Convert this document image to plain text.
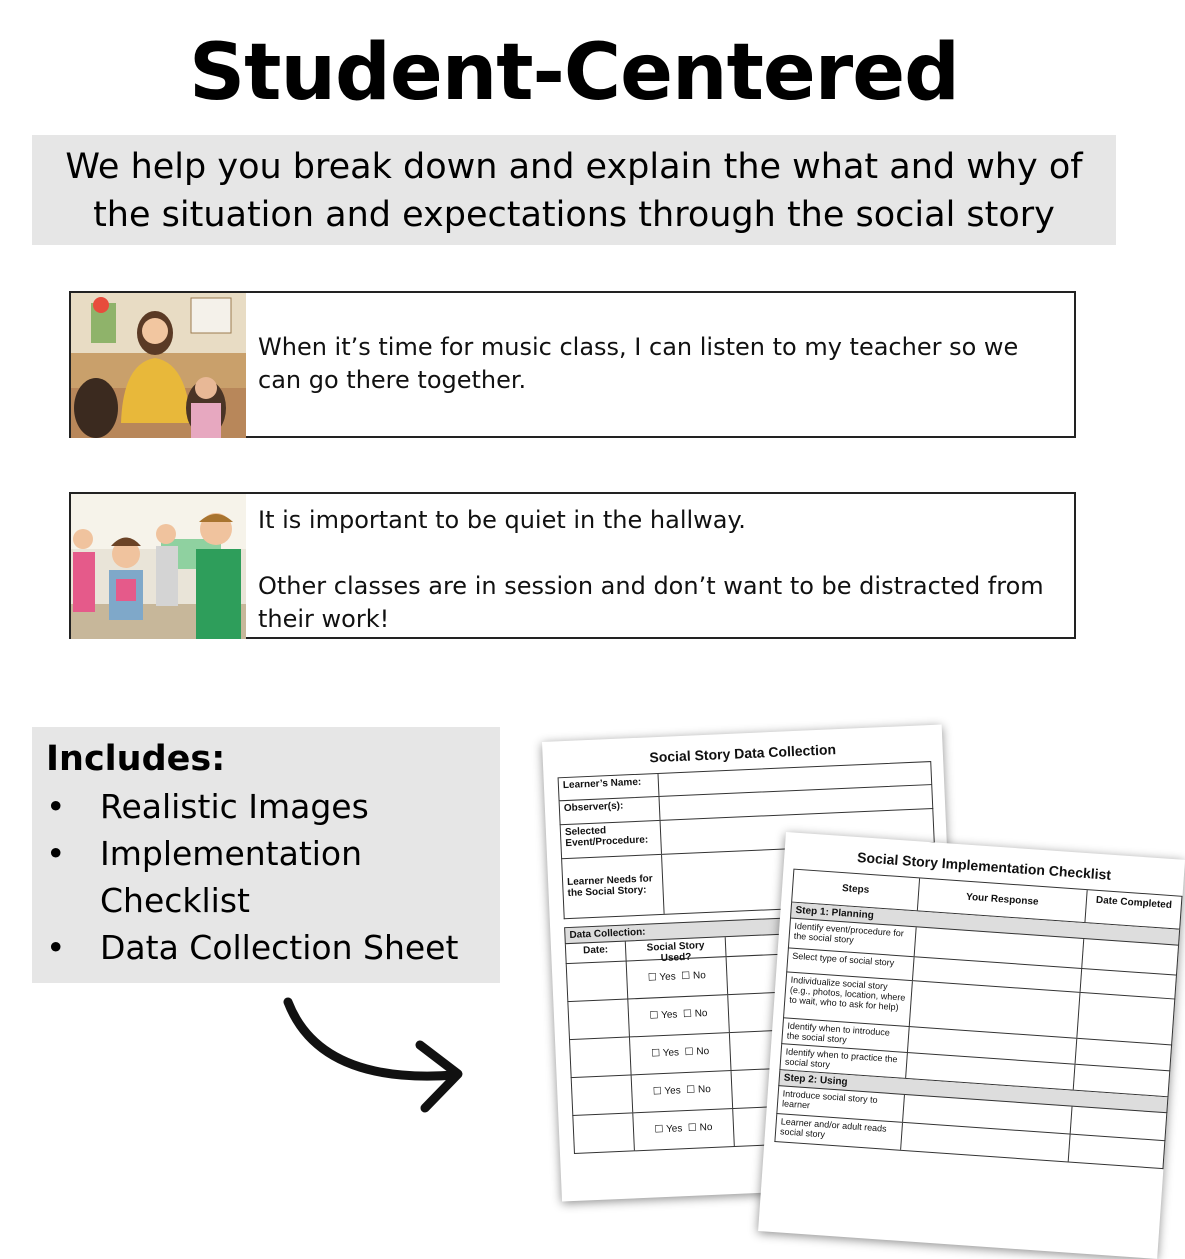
Student-Centered
We help you break down and explain the what and why of
the situation and expectations through the social story

When it’s time for music class, I can listen to my teacher so we can go there together.

It is important to be quiet in the hallway.

Other classes are in session and don’t want to be distracted from their work!

Includes:
• Realistic Images
• Implementation Checklist
• Data Collection Sheet
Social Story Data Collection
Learner’s Name:
Observer(s):
Selected Event/Procedure:
Learner Needs for the Social Story:
Data Collection:
Date:	Social Story Used?
☐ Yes  ☐ No
☐ Yes  ☐ No
☐ Yes  ☐ No
☐ Yes  ☐ No
☐ Yes  ☐ No
Social Story Implementation Checklist
Steps
Your Response	Date Completed
Step 1: Planning
Identify event/procedure for the social story
Select type of social story
Individualize social story (e.g., photos, location, where to wait, who to ask for help)
Identify when to introduce the social story
Identify when to practice the social story
Step 2: Using
Introduce social story to learner
Learner and/or adult reads social story
